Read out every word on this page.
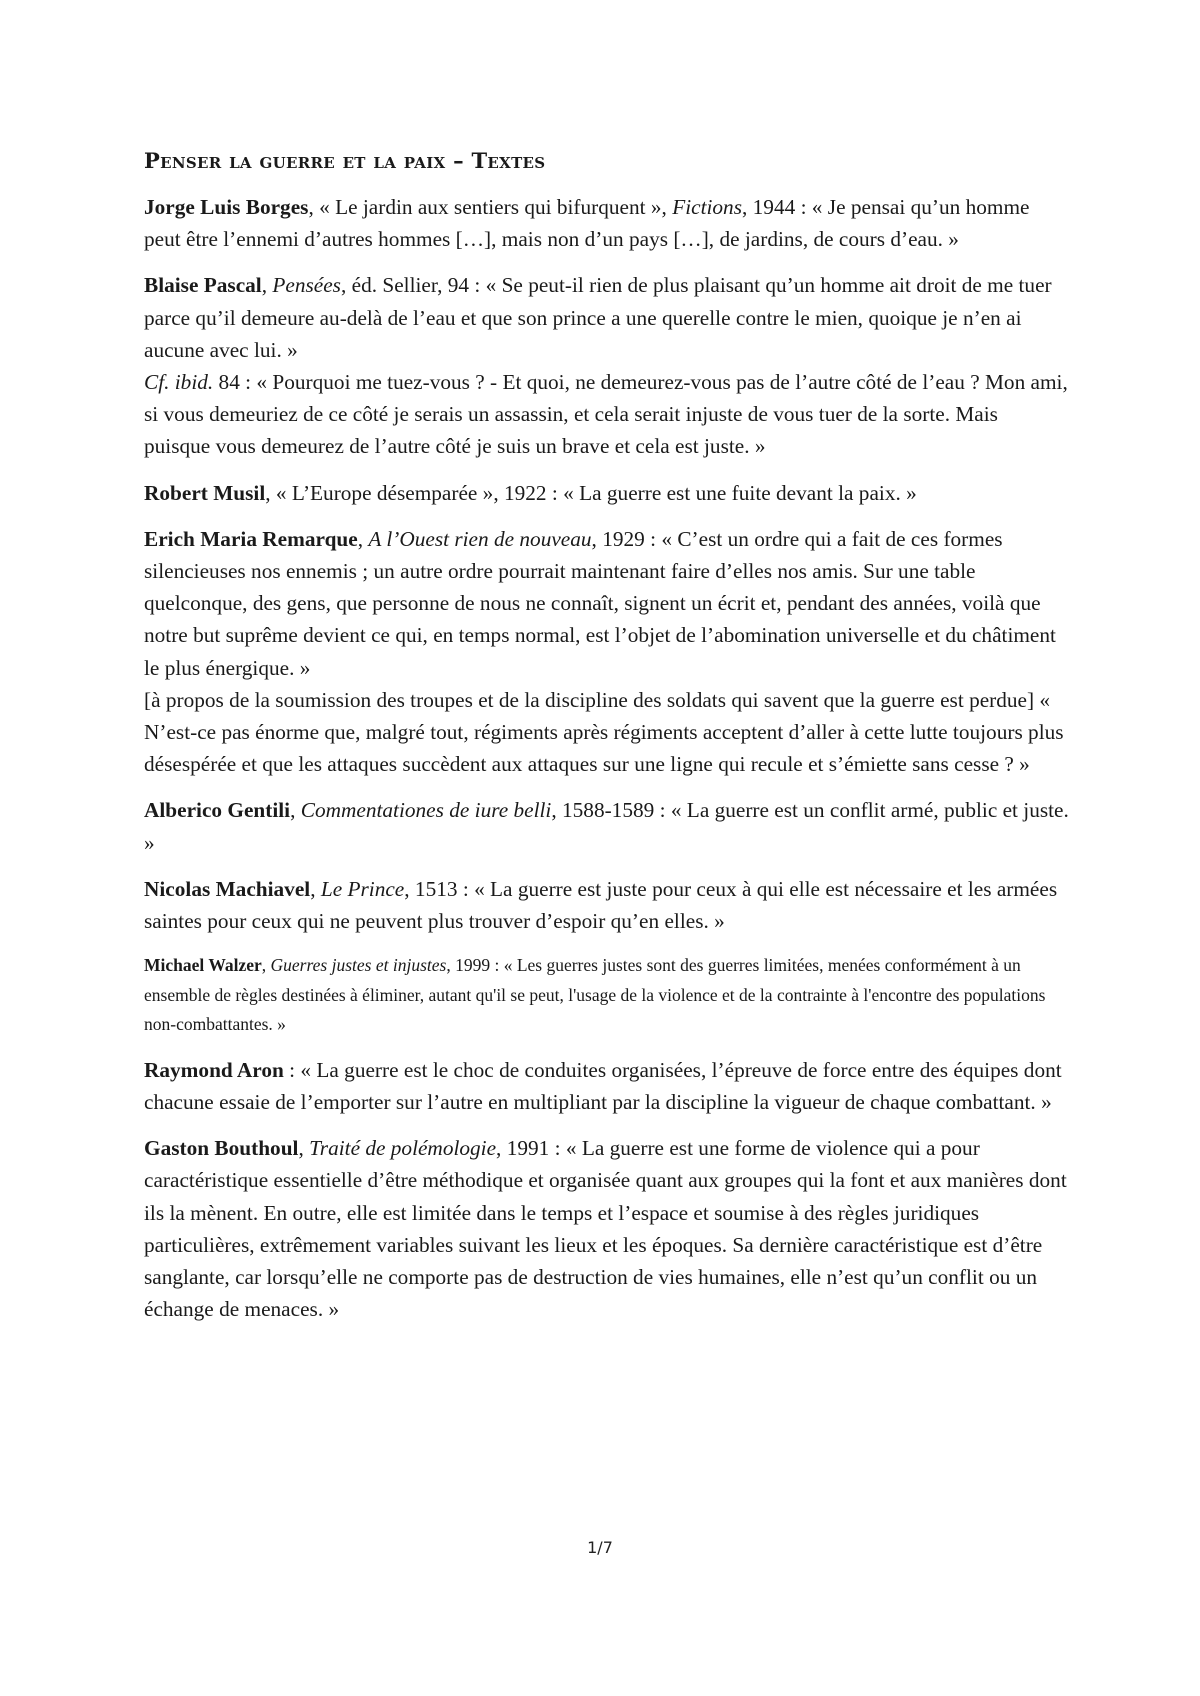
Penser la guerre et la paix – Textes

Jorge Luis Borges, « Le jardin aux sentiers qui bifurquent », Fictions, 1944 : « Je pensai qu’un homme peut être l’ennemi d’autres hommes […], mais non d’un pays […], de jardins, de cours d’eau. »

Blaise Pascal, Pensées, éd. Sellier, 94 : « Se peut-il rien de plus plaisant qu’un homme ait droit de me tuer parce qu’il demeure au-delà de l’eau et que son prince a une querelle contre le mien, quoique je n’en ai aucune avec lui. »

Cf. ibid. 84 : « Pourquoi me tuez-vous ? - Et quoi, ne demeurez-vous pas de l’autre côté de l’eau ? Mon ami, si vous demeuriez de ce côté je serais un assassin, et cela serait injuste de vous tuer de la sorte. Mais puisque vous demeurez de l’autre côté je suis un brave et cela est juste. »

Robert Musil, « L’Europe désemparée », 1922 : « La guerre est une fuite devant la paix. »

Erich Maria Remarque, A l’Ouest rien de nouveau, 1929 : « C’est un ordre qui a fait de ces formes silencieuses nos ennemis ; un autre ordre pourrait maintenant faire d’elles nos amis. Sur une table quelconque, des gens, que personne de nous ne connaît, signent un écrit et, pendant des années, voilà que notre but suprême devient ce qui, en temps normal, est l’objet de l’abomination universelle et du châtiment le plus énergique. »

[à propos de la soumission des troupes et de la discipline des soldats qui savent que la guerre est perdue] « N’est-ce pas énorme que, malgré tout, régiments après régiments acceptent d’aller à cette lutte toujours plus désespérée et que les attaques succèdent aux attaques sur une ligne qui recule et s’émiette sans cesse ? »

Alberico Gentili, Commentationes de iure belli, 1588-1589 : « La guerre est un conflit armé, public et juste. »

Nicolas Machiavel, Le Prince, 1513 : « La guerre est juste pour ceux à qui elle est nécessaire et les armées saintes pour ceux qui ne peuvent plus trouver d’espoir qu’en elles. »

Michael Walzer, Guerres justes et injustes, 1999 : « Les guerres justes sont des guerres limitées, menées conformément à un ensemble de règles destinées à éliminer, autant qu'il se peut, l'usage de la violence et de la contrainte à l'encontre des populations non-combattantes. »

Raymond Aron : « La guerre est le choc de conduites organisées, l’épreuve de force entre des équipes dont chacune essaie de l’emporter sur l’autre en multipliant par la discipline la vigueur de chaque combattant. »

Gaston Bouthoul, Traité de polémologie, 1991 : « La guerre est une forme de violence qui a pour caractéristique essentielle d’être méthodique et organisée quant aux groupes qui la font et aux manières dont ils la mènent. En outre, elle est limitée dans le temps et l’espace et soumise à des règles juridiques particulières, extrêmement variables suivant les lieux et les époques. Sa dernière caractéristique est d’être sanglante, car lorsqu’elle ne comporte pas de destruction de vies humaines, elle n’est qu’un conflit ou un échange de menaces. »

1/7
